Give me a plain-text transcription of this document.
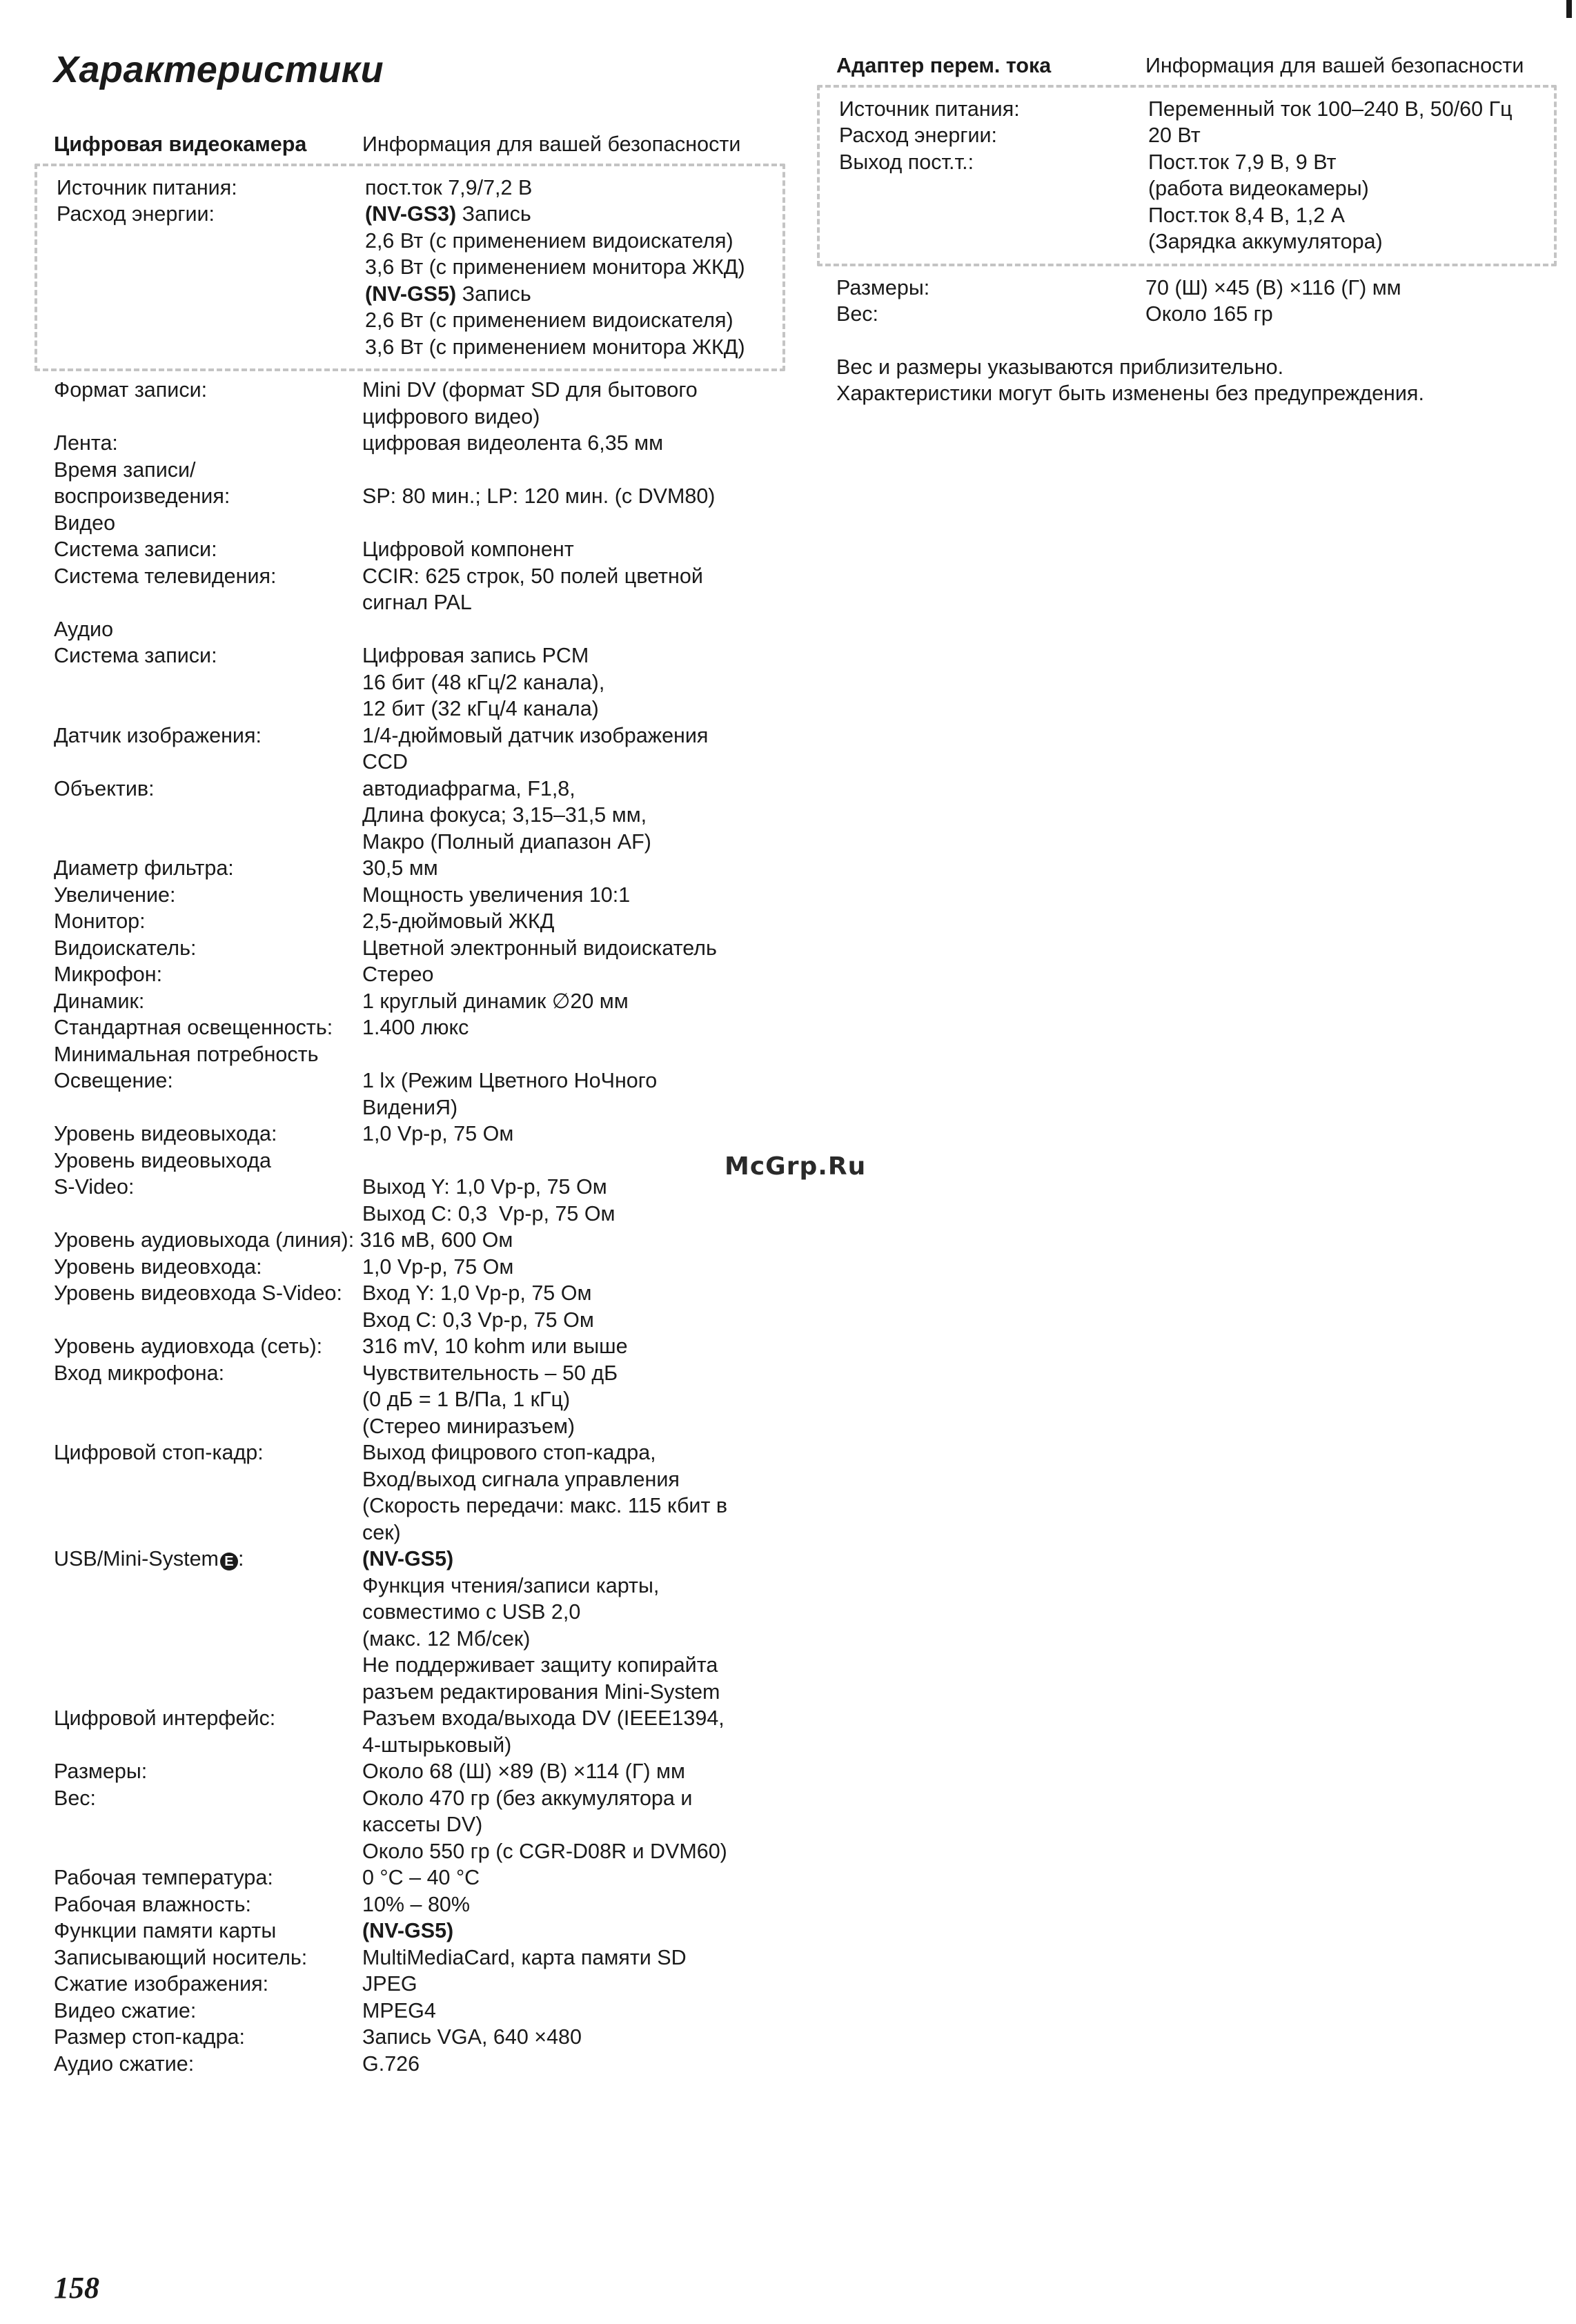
Характеристики
Цифровая видеокамера	Информация для вашей безопасности
Источник питания:	пост.ток 7,9/7,2 В
Расход энергии:	(NV-GS3) Запись
2,6 Вт (с применением видоискателя)
3,6 Вт (с применением монитора ЖКД)
(NV-GS5) Запись
2,6 Вт (с применением видоискателя)
3,6 Вт (с применением монитора ЖКД)
Формат записи:	Mini DV (формат SD для бытового
цифрового видео)
Лента:	цифровая видеолента 6,35 мм
Время записи/
воспроизведения:	SP: 80 мин.; LP: 120 мин. (с DVM80)
Видео
Система записи:	Цифровой компонент
Система телевидения:	CCIR: 625 строк, 50 полей цветной
сигнал PAL
Аудио
Система записи:	Цифровая запись PCM
16 бит (48 кГц/2 канала),
12 бит (32 кГц/4 канала)
Датчик изображения:	1/4-дюймовый датчик изображения
CCD
Объектив:	автодиафрагма, F1,8,
Длина фокуса; 3,15–31,5 мм,
Макро (Полный диапазон AF)
Диаметр фильтра:	30,5 мм
Увеличение:	Мощность увеличения 10:1
Монитор:	2,5-дюймовый ЖКД
Видоискатель:	Цветной электронный видоискатель
Микрофон:	Стерео
Динамик:	1 круглый динамик ∅20 мм
Стандартная освещенность:	1.400 люкс
Минимальная потребность
Освещение:	1 lx (Режим Цветного НоЧного
ВидениЯ)
Уровень видеовыхода:	1,0 Vp-p, 75 Ом
Уровень видеовыхода
S-Video:	Выход Y: 1,0 Vp-p, 75 Ом
Выход C: 0,3  Vp-p, 75 Ом
Уровень аудиовыхода (линия): 316 мВ, 600 Ом
Уровень видеовхода:	1,0 Vp-p, 75 Ом
Уровень видеовхода S-Video: Вход Y: 1,0 Vp-p, 75 Ом
Вход C: 0,3 Vp-p, 75 Ом
Уровень аудиовхода (сеть):	316 mV, 10 kohm или выше
Вход микрофона:	Чувствительность – 50 дБ
(0 дБ = 1 В/Па, 1 кГц)
(Стерео миниразъем)
Цифровой стоп-кадр:	Выход фицрового стоп-кадра,
Вход/выход сигнала управления
(Скорость передачи: макс. 115 кбит в
сек)
USB/Mini-System E :	(NV-GS5)
Функция чтения/записи карты,
совместимо с USB 2,0
(макс. 12 Мб/сек)
Не поддерживает защиту копирайта
разъем редактирования Mini-System
Цифровой интерфейс:	Разъем входа/выхода DV (IEEE1394,
4-штырьковый)
Размеры:	Около 68 (Ш) ×89 (В) ×114 (Г) мм
Вес:	Около 470 гр (без аккумулятора и
кассеты DV)
Около 550 гр (с CGR-D08R и DVM60)
Рабочая температура:	0 °C – 40 °C
Рабочая влажность:	10% – 80%
Функции памяти карты	(NV-GS5)
Записывающий носитель:	MultiMediaCard, карта памяти SD
Сжатие изображения:	JPEG
Видео сжатие:	MPEG4
Размер стоп-кадра:	Запись VGA, 640 ×480
Аудио сжатие:	G.726
Адаптер перем. тока	Информация для вашей безопасности
Источник питания:	Переменный ток 100–240 В, 50/60 Гц
Расход энергии:	20 Вт
Выход пост.т.:	Пост.ток 7,9 В, 9 Вт
(работа видеокамеры)
Пост.ток 8,4 В, 1,2 А
(Зарядка аккумулятора)
Размеры:	70 (Ш) ×45 (В) ×116 (Г) мм
Вес:	Около 165 гр
Вес и размеры указываются приблизительно.
Характеристики могут быть изменены без предупреждения.

McGrp.Ru

158
